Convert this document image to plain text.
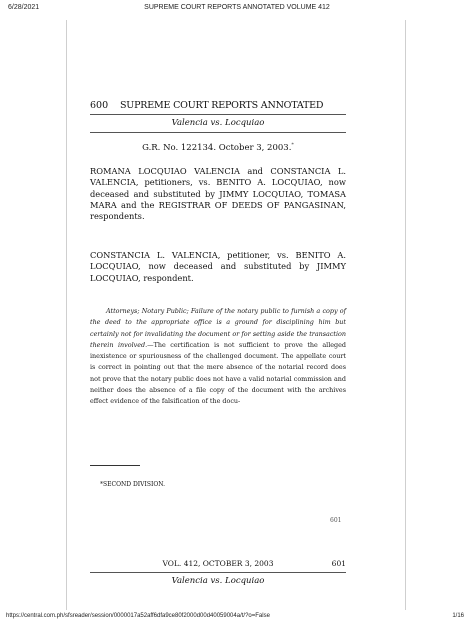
6/28/2021	SUPREME COURT REPORTS ANNOTATED VOLUME 412
600 SUPREME COURT REPORTS ANNOTATED
Valencia vs. Locquiao
G.R. No. 122134. October 3, 2003.*

ROMANA LOCQUIAO VALENCIA and CONSTANCIA L. VALENCIA, petitioners, vs. BENITO A. LOCQUIAO, now deceased and substituted by JIMMY LOCQUIAO, TOMASA MARA and the REGISTRAR OF DEEDS OF PANGASINAN, respondents.

CONSTANCIA L. VALENCIA, petitioner, vs. BENITO A. LOCQUIAO, now deceased and substituted by JIMMY LOCQUIAO, respondent.

Attorneys; Notary Public; Failure of the notary public to furnish a copy of the deed to the appropriate office is a ground for disciplining him but certainly not for invalidating the document or for setting aside the transaction therein involved.—The certification is not sufficient to prove the alleged inexistence or spuriousness of the challenged document. The appellate court is correct in pointing out that the mere absence of the notarial record does not prove that the notary public does not have a valid notarial commission and neither does the absence of a file copy of the document with the archives effect evidence of the falsification of the docu-

*SECOND DIVISION.
601
VOL. 412, OCTOBER 3, 2003	601
Valencia vs. Locquiao
https://central.com.ph/sfsreader/session/0000017a52aff6dfa9ce80f2000d00d40059004a/t/?o=False	1/16
